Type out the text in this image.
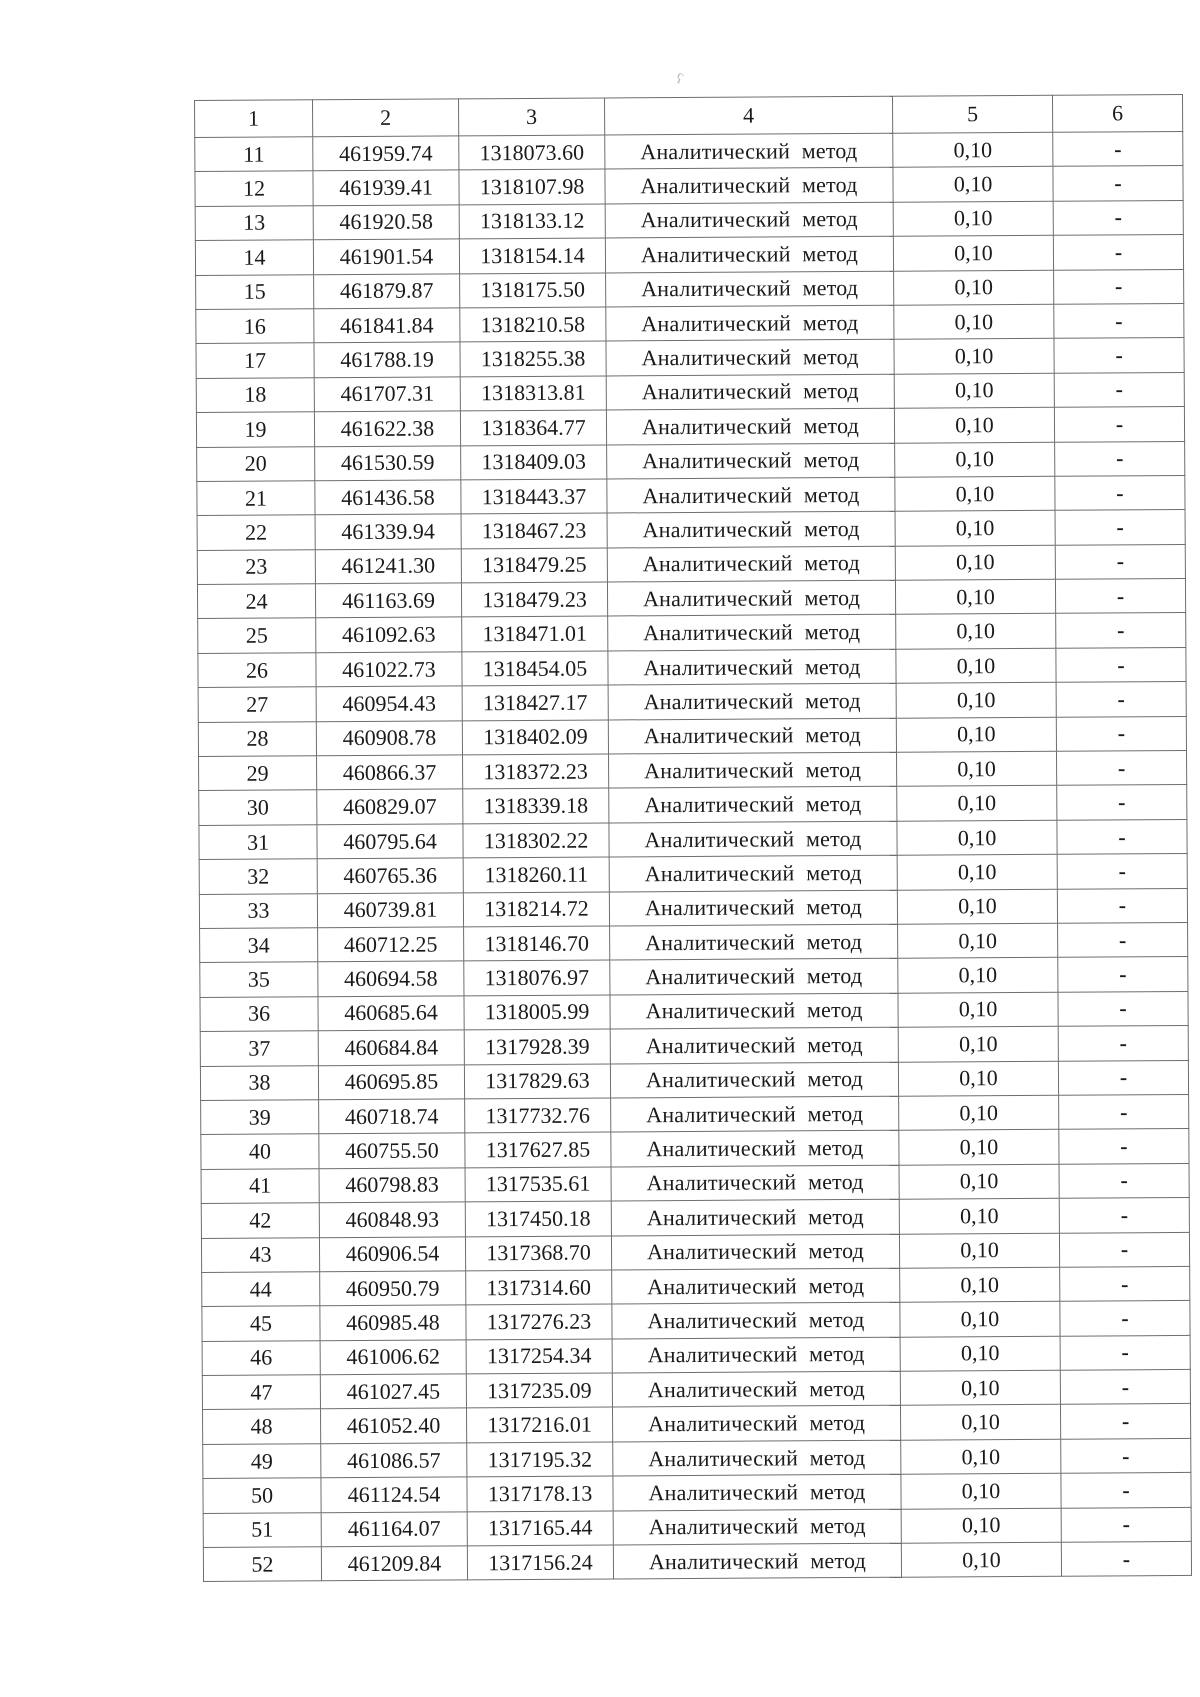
ʕ
1	2	3	4	5	6
11	461959.74	1318073.60	Аналитический метод	0,10	-
12	461939.41	1318107.98	Аналитический метод	0,10	-
13	461920.58	1318133.12	Аналитический метод	0,10	-
14	461901.54	1318154.14	Аналитический метод	0,10	-
15	461879.87	1318175.50	Аналитический метод	0,10	-
16	461841.84	1318210.58	Аналитический метод	0,10	-
17	461788.19	1318255.38	Аналитический метод	0,10	-
18	461707.31	1318313.81	Аналитический метод	0,10	-
19	461622.38	1318364.77	Аналитический метод	0,10	-
20	461530.59	1318409.03	Аналитический метод	0,10	-
21	461436.58	1318443.37	Аналитический метод	0,10	-
22	461339.94	1318467.23	Аналитический метод	0,10	-
23	461241.30	1318479.25	Аналитический метод	0,10	-
24	461163.69	1318479.23	Аналитический метод	0,10	-
25	461092.63	1318471.01	Аналитический метод	0,10	-
26	461022.73	1318454.05	Аналитический метод	0,10	-
27	460954.43	1318427.17	Аналитический метод	0,10	-
28	460908.78	1318402.09	Аналитический метод	0,10	-
29	460866.37	1318372.23	Аналитический метод	0,10	-
30	460829.07	1318339.18	Аналитический метод	0,10	-
31	460795.64	1318302.22	Аналитический метод	0,10	-
32	460765.36	1318260.11	Аналитический метод	0,10	-
33	460739.81	1318214.72	Аналитический метод	0,10	-
34	460712.25	1318146.70	Аналитический метод	0,10	-
35	460694.58	1318076.97	Аналитический метод	0,10	-
36	460685.64	1318005.99	Аналитический метод	0,10	-
37	460684.84	1317928.39	Аналитический метод	0,10	-
38	460695.85	1317829.63	Аналитический метод	0,10	-
39	460718.74	1317732.76	Аналитический метод	0,10	-
40	460755.50	1317627.85	Аналитический метод	0,10	-
41	460798.83	1317535.61	Аналитический метод	0,10	-
42	460848.93	1317450.18	Аналитический метод	0,10	-
43	460906.54	1317368.70	Аналитический метод	0,10	-
44	460950.79	1317314.60	Аналитический метод	0,10	-
45	460985.48	1317276.23	Аналитический метод	0,10	-
46	461006.62	1317254.34	Аналитический метод	0,10	-
47	461027.45	1317235.09	Аналитический метод	0,10	-
48	461052.40	1317216.01	Аналитический метод	0,10	-
49	461086.57	1317195.32	Аналитический метод	0,10	-
50	461124.54	1317178.13	Аналитический метод	0,10	-
51	461164.07	1317165.44	Аналитический метод	0,10	-
52	461209.84	1317156.24	Аналитический метод	0,10	-
